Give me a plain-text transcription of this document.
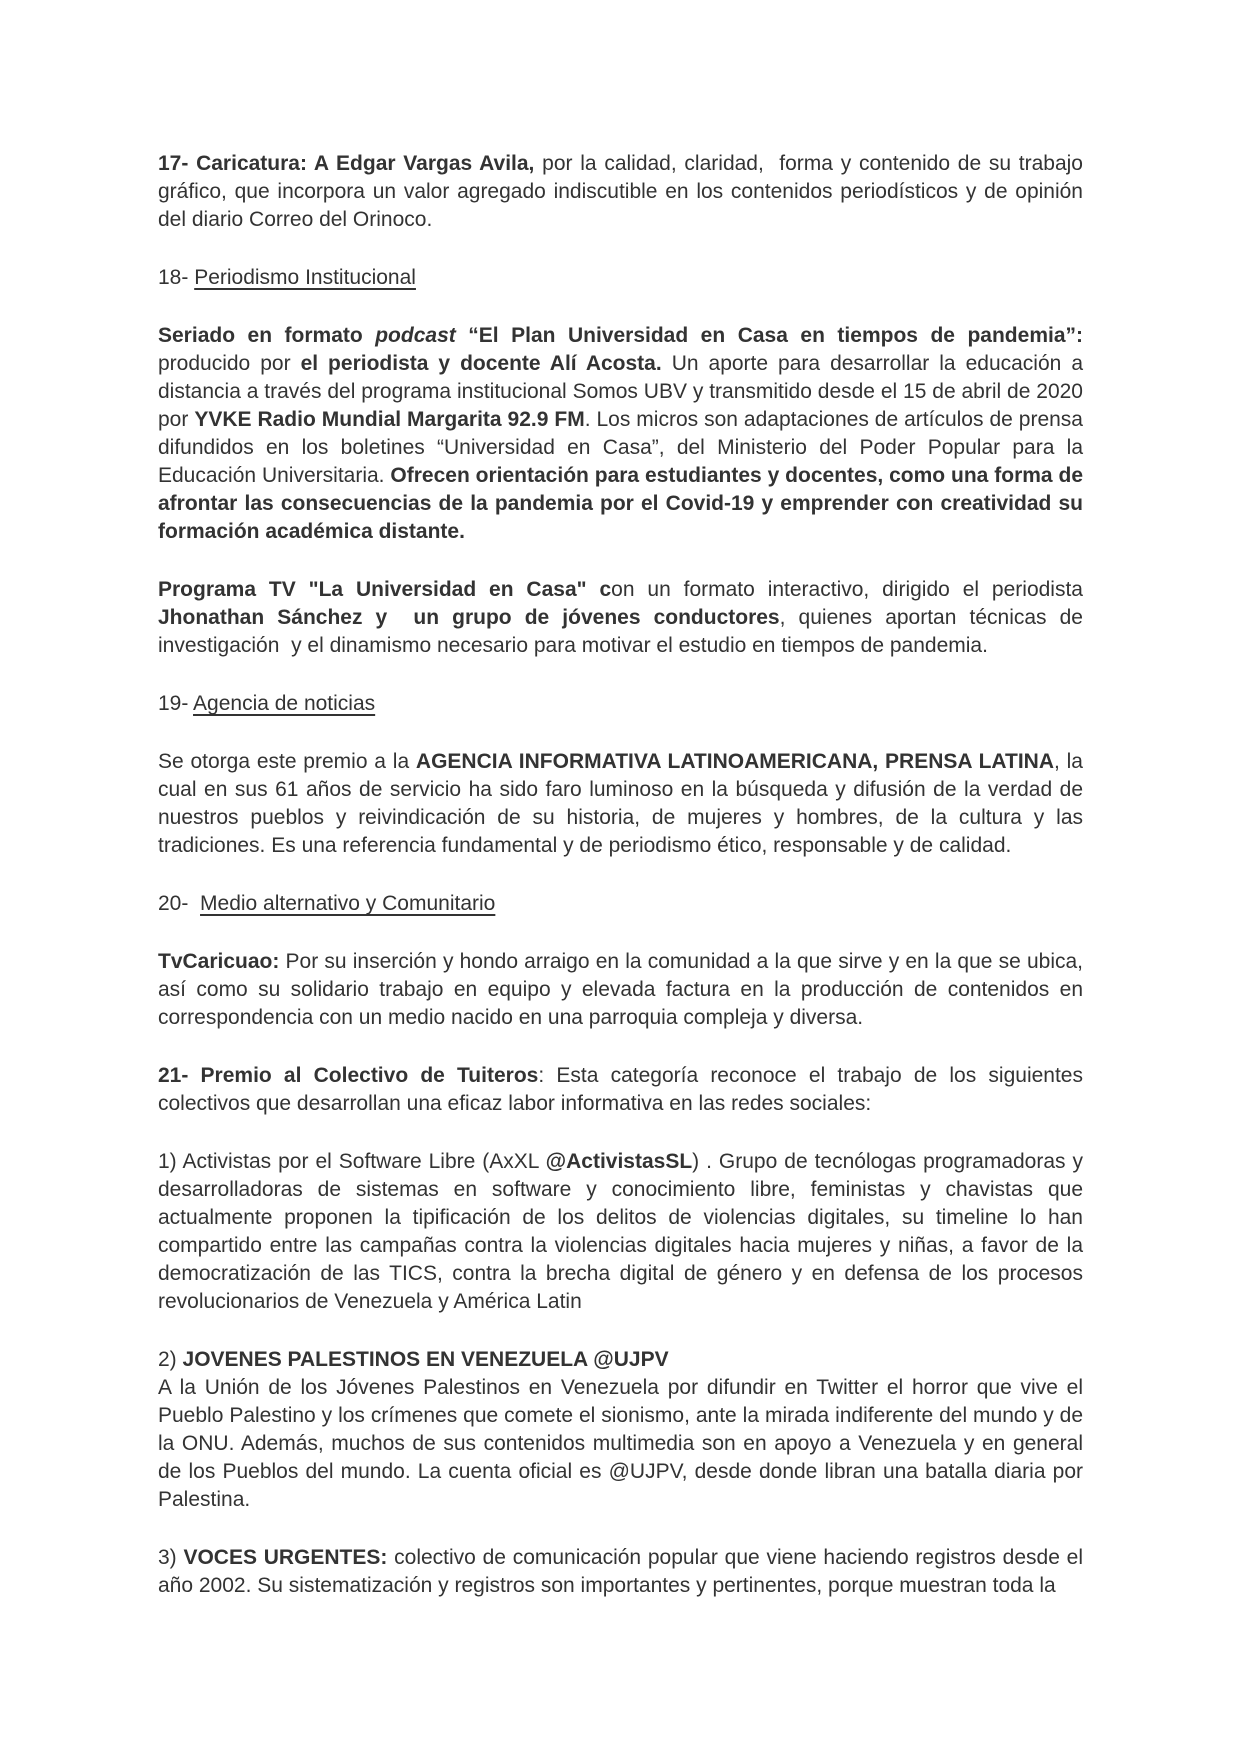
17- Caricatura: A Edgar Vargas Avila, por la calidad, claridad,  forma y contenido de su trabajo gráfico, que incorpora un valor agregado indiscutible en los contenidos periodísticos y de opinión del diario Correo del Orinoco.

18- Periodismo Institucional

Seriado en formato podcast “El Plan Universidad en Casa en tiempos de pandemia”: producido por el periodista y docente Alí Acosta. Un aporte para desarrollar la educación a distancia a través del programa institucional Somos UBV y transmitido desde el 15 de abril de 2020 por YVKE Radio Mundial Margarita 92.9 FM. Los micros son adaptaciones de artículos de prensa difundidos en los boletines “Universidad en Casa”, del Ministerio del Poder Popular para la Educación Universitaria. Ofrecen orientación para estudiantes y docentes, como una forma de afrontar las consecuencias de la pandemia por el Covid-19 y emprender con creatividad su formación académica distante.

Programa TV "La Universidad en Casa" con un formato interactivo, dirigido el periodista Jhonathan Sánchez y  un grupo de jóvenes conductores, quienes aportan técnicas de investigación  y el dinamismo necesario para motivar el estudio en tiempos de pandemia.

19- Agencia de noticias

Se otorga este premio a la AGENCIA INFORMATIVA LATINOAMERICANA, PRENSA LATINA, la cual en sus 61 años de servicio ha sido faro luminoso en la búsqueda y difusión de la verdad de nuestros pueblos y reivindicación de su historia, de mujeres y hombres, de la cultura y las tradiciones. Es una referencia fundamental y de periodismo ético, responsable y de calidad.

20-  Medio alternativo y Comunitario

TvCaricuao: Por su inserción y hondo arraigo en la comunidad a la que sirve y en la que se ubica, así como su solidario trabajo en equipo y elevada factura en la producción de contenidos en correspondencia con un medio nacido en una parroquia compleja y diversa.

21- Premio al Colectivo de Tuiteros: Esta categoría reconoce el trabajo de los siguientes colectivos que desarrollan una eficaz labor informativa en las redes sociales:

1) Activistas por el Software Libre (AxXL @ActivistasSL) . Grupo de tecnólogas programadoras y desarrolladoras de sistemas en software y conocimiento libre, feministas y chavistas que actualmente proponen la tipificación de los delitos de violencias digitales, su timeline lo han compartido entre las campañas contra la violencias digitales hacia mujeres y niñas, a favor de la democratización de las TICS, contra la brecha digital de género y en defensa de los procesos revolucionarios de Venezuela y América Latin

2) JOVENES PALESTINOS EN VENEZUELA @UJPV
A la Unión de los Jóvenes Palestinos en Venezuela por difundir en Twitter el horror que vive el Pueblo Palestino y los crímenes que comete el sionismo, ante la mirada indiferente del mundo y de la ONU. Además, muchos de sus contenidos multimedia son en apoyo a Venezuela y en general de los Pueblos del mundo. La cuenta oficial es @UJPV, desde donde libran una batalla diaria por Palestina.

3) VOCES URGENTES: colectivo de comunicación popular que viene haciendo registros desde el año 2002. Su sistematización y registros son importantes y pertinentes, porque muestran toda la
